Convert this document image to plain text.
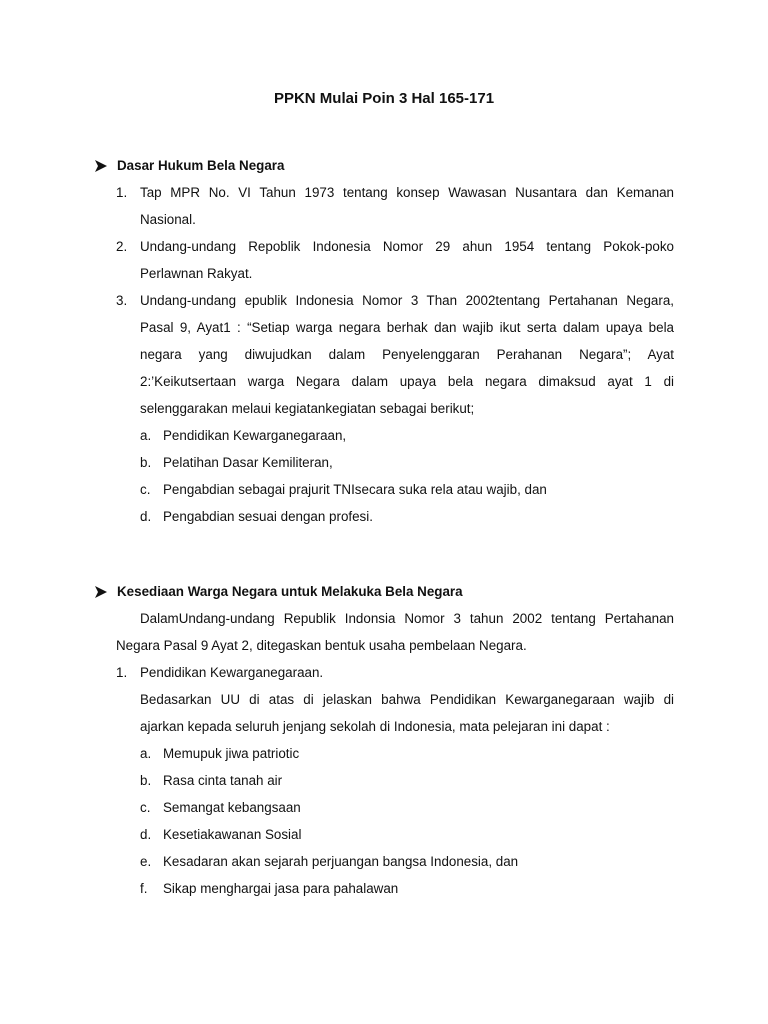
PPKN Mulai Poin 3 Hal 165-171
Dasar Hukum Bela Negara
1. Tap MPR No. VI Tahun 1973 tentang konsep Wawasan Nusantara dan Kemanan
Nasional.
2. Undang-undang Repoblik Indonesia Nomor 29 ahun 1954 tentang Pokok-poko
Perlawnan Rakyat.
3. Undang-undang epublik Indonesia Nomor 3 Than 2002tentang Pertahanan Negara,
Pasal 9, Ayat1 : “Setiap warga negara berhak dan wajib ikut serta dalam upaya bela
negara yang diwujudkan dalam Penyelenggaran Perahanan Negara”; Ayat
2:’Keikutsertaan warga Negara dalam upaya bela negara dimaksud ayat 1 di
selenggarakan melaui kegiatankegiatan sebagai berikut;
a. Pendidikan Kewarganegaraan,
b. Pelatihan Dasar Kemiliteran,
c. Pengabdian sebagai prajurit TNIsecara suka rela atau wajib, dan
d. Pengabdian sesuai dengan profesi.
Kesediaan Warga Negara untuk Melakuka Bela Negara
DalamUndang-undang Republik Indonsia Nomor 3 tahun 2002 tentang Pertahanan
Negara Pasal 9 Ayat 2, ditegaskan bentuk usaha pembelaan Negara.
1. Pendidikan Kewarganegaraan.
Bedasarkan UU di atas di jelaskan bahwa Pendidikan Kewarganegaraan wajib di
ajarkan kepada seluruh jenjang sekolah di Indonesia, mata pelejaran ini dapat :
a. Memupuk jiwa patriotic
b. Rasa cinta tanah air
c. Semangat kebangsaan
d. Kesetiakawanan Sosial
e. Kesadaran akan sejarah perjuangan bangsa Indonesia, dan
f. Sikap menghargai jasa para pahalawan
